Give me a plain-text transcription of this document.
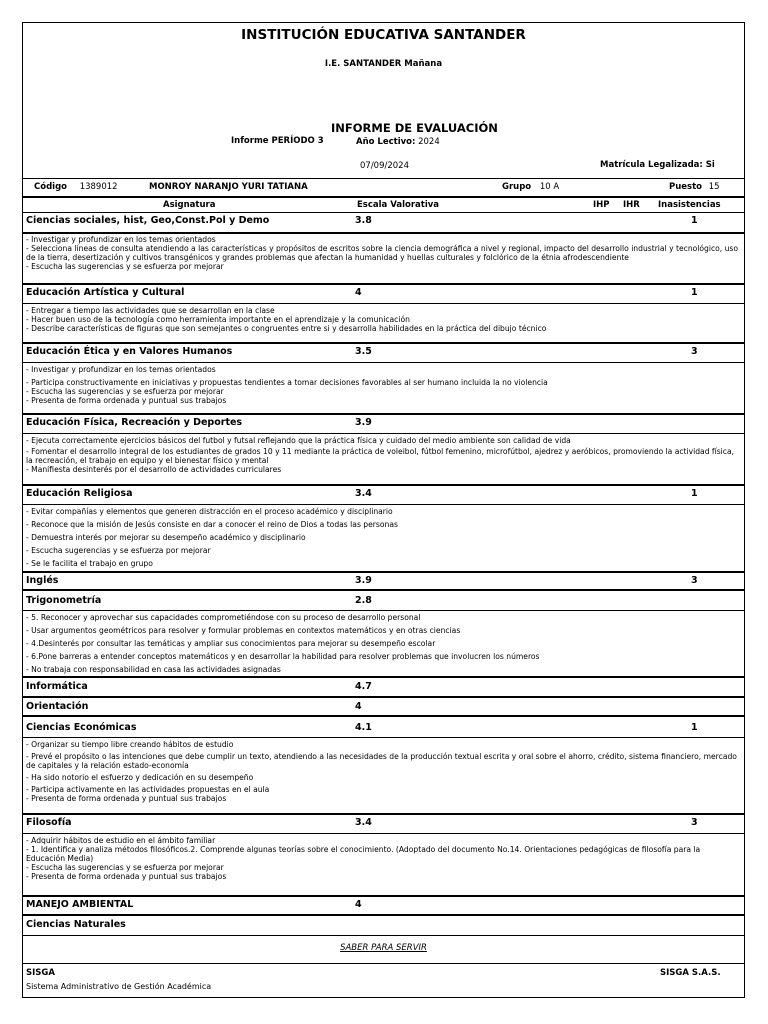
INSTITUCIÓN EDUCATIVA SANTANDER
I.E. SANTANDER Mañana
INFORME DE EVALUACIÓN
Informe PERÍODO 3	Año Lectivo: 2024
07/09/2024	Matrícula Legalizada: Si
Código 1389012	MONROY NARANJO YURI TATIANA	Grupo 10 A	Puesto 15
Asignatura	Escala Valorativa	IHP IHR Inasistencias
Ciencias sociales, hist, Geo,Const.Pol y Demo	3.8	1
- Investigar y profundizar en los temas orientados
- Selecciona líneas de consulta atendiendo a las características y propósitos de escritos sobre la ciencia demográfica a nivel y regional, impacto del desarrollo industrial y tecnológico, uso de la tierra, desertización y cultivos transgénicos y grandes problemas que afectan la humanidad y huellas culturales y folclórico de la étnia afrodescendiente
- Escucha las sugerencias y se esfuerza por mejorar
Educación Artística y Cultural	4	1
- Entregar a tiempo las actividades que se desarrollan en la clase
- Hacer buen uso de la tecnología como herramienta importante en el aprendizaje y la comunicación
- Describe características de figuras que son semejantes o congruentes entre si y desarrolla habilidades en la práctica del dibujo técnico
Educación Ética y en Valores Humanos	3.5	3
- Investigar y profundizar en los temas orientados
- Participa constructivamente en iniciativas y propuestas tendientes a tomar decisiones favorables al ser humano incluida la no violencia
- Escucha las sugerencias y se esfuerza por mejorar
- Presenta de forma ordenada y puntual sus trabajos
Educación Física, Recreación y Deportes	3.9
- Ejecuta correctamente ejercicios básicos del futbol y futsal reflejando que la práctica física y cuidado del medio ambiente son calidad de vida
- Fomentar el desarrollo integral de los estudiantes de grados 10 y 11 mediante la práctica de voleibol, fútbol femenino, microfútbol, ajedrez y aeróbicos, promoviendo la actividad física, la recreación, el trabajo en equipo y el bienestar físico y mental
- Manifiesta desinterés por el desarrollo de actividades curriculares
Educación Religiosa	3.4	1
- Evitar compañías y elementos que generen distracción en el proceso académico y disciplinario
- Reconoce que la misión de Jesús consiste en dar a conocer el reino de Dios a todas las personas
- Demuestra interés por mejorar su desempeño académico y disciplinario
- Escucha sugerencias y se esfuerza por mejorar
- Se le facilita el trabajo en grupo
Inglés	3.9	3
Trigonometría	2.8
- 5. Reconocer y aprovechar sus capacidades comprometiéndose con su proceso de desarrollo personal
- Usar argumentos geométricos para resolver y formular problemas en contextos matemáticos y en otras ciencias
- 4.Desinterés por consultar las temáticas y ampliar sus conocimientos para mejorar su desempeño escolar
- 6.Pone barreras a entender conceptos matemáticos y en desarrollar la habilidad para resolver problemas que involucren los números
- No trabaja con responsabilidad en casa las actividades asignadas
Informática	4.7
Orientación	4
Ciencias Económicas	4.1	1
- Organizar su tiempo libre creando hábitos de estudio
- Prevé el propósito o las intenciones que debe cumplir un texto, atendiendo a las necesidades de la producción textual escrita y oral sobre el ahorro, crédito, sistema financiero, mercado de capitales y la relación estado-economía
- Ha sido notorio el esfuerzo y dedicación en su desempeño
- Participa activamente en las actividades propuestas en el aula
- Presenta de forma ordenada y puntual sus trabajos
Filosofía	3.4	3
- Adquirir hábitos de estudio en el ámbito familiar
- 1. Identifica y analiza métodos filosóficos.2. Comprende algunas teorías sobre el conocimiento. (Adoptado del documento No.14. Orientaciones pedagógicas de filosofía para la Educación Media)
- Escucha las sugerencias y se esfuerza por mejorar
- Presenta de forma ordenada y puntual sus trabajos
MANEJO AMBIENTAL	4
Ciencias Naturales
SABER PARA SERVIR
SISGA
Sistema Administrativo de Gestión Académica
SISGA S.A.S.
